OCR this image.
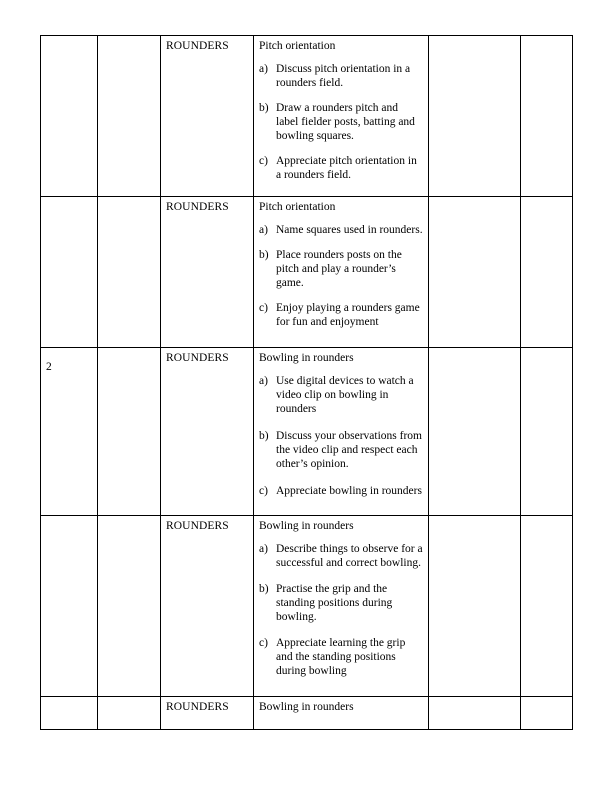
		ROUNDERS	Pitch orientation
a) Discuss pitch orientation in a rounders field.
b) Draw a rounders pitch and label fielder posts, batting and bowling squares.
c) Appreciate pitch orientation in a rounders field.

		ROUNDERS	Pitch orientation
a) Name squares used in rounders.
b) Place rounders posts on the pitch and play a rounder’s game.
c) Enjoy playing a rounders game for fun and enjoyment

2		ROUNDERS	Bowling in rounders
a) Use digital devices to watch a video clip on bowling in rounders
b) Discuss your observations from the video clip and respect each other’s opinion.
c) Appreciate bowling in rounders

		ROUNDERS	Bowling in rounders
a) Describe things to observe for a successful and correct bowling.
b) Practise the grip and the standing positions during bowling.
c) Appreciate learning the grip and the standing positions during bowling

		ROUNDERS	Bowling in rounders		
